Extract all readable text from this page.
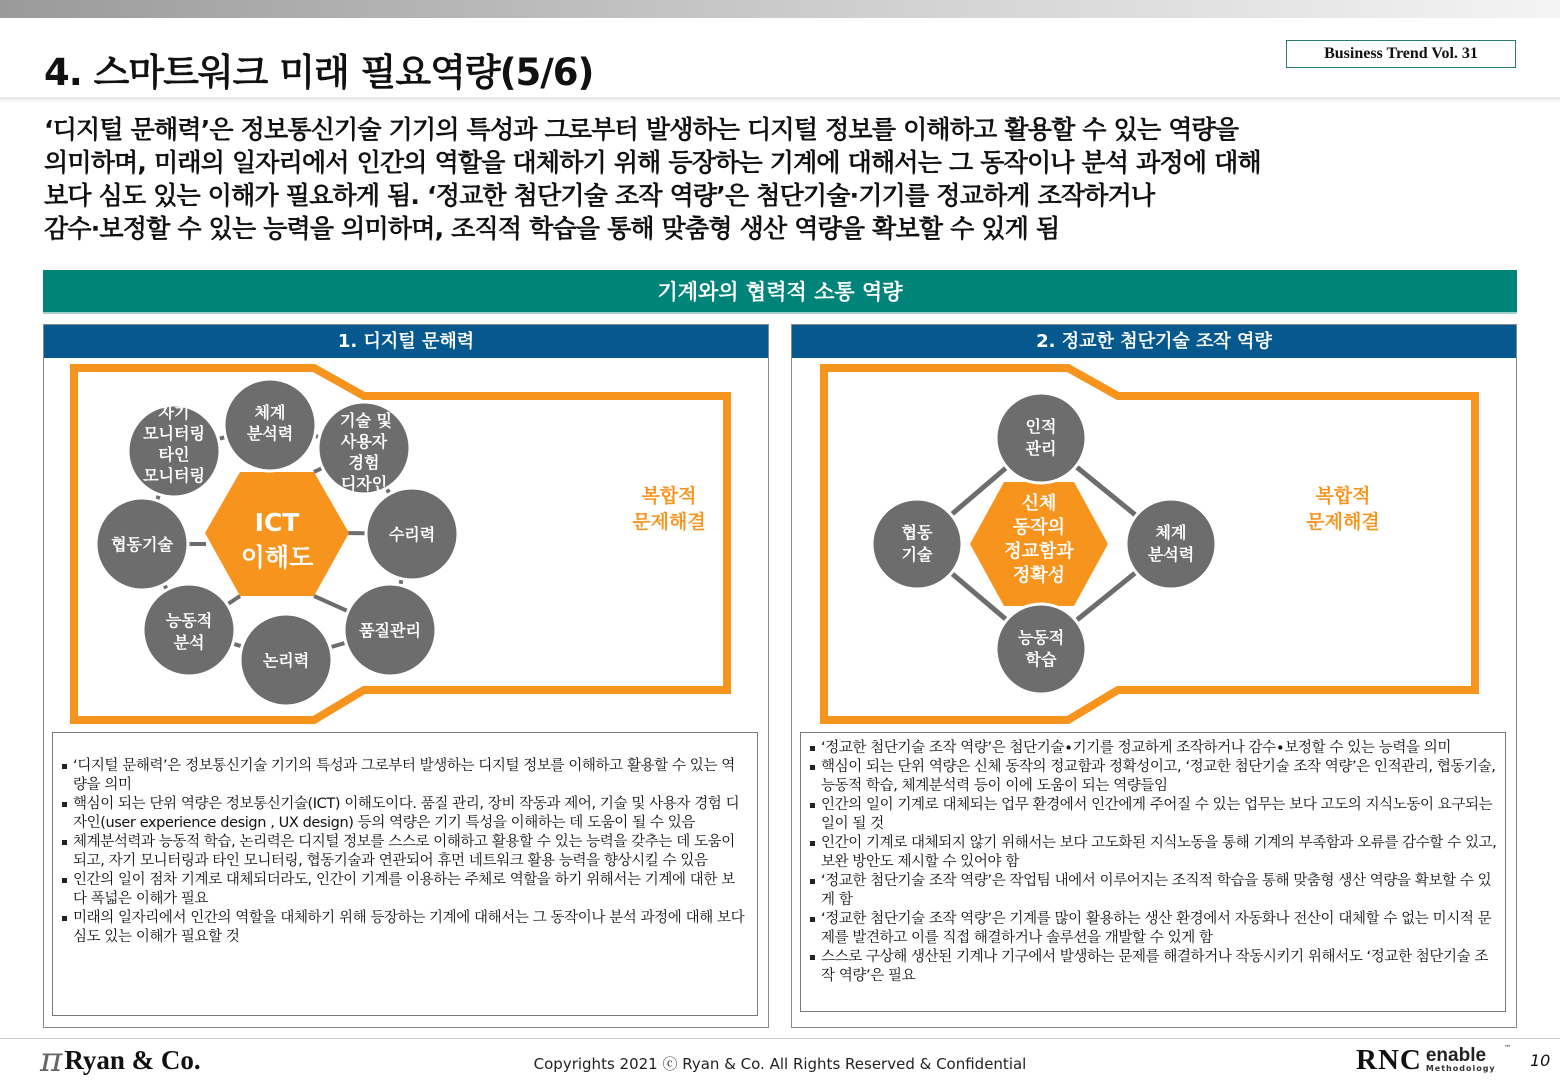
4. 스마트워크 미래 필요역량(5/6)	Business Trend Vol. 31
‘디지털 문해력’은 정보통신기술 기기의 특성과 그로부터 발생하는 디지털 정보를 이해하고 활용할 수 있는 역량을
의미하며, 미래의 일자리에서 인간의 역할을 대체하기 위해 등장하는 기계에 대해서는 그 동작이나 분석 과정에 대해
보다 심도 있는 이해가 필요하게 됨. ‘정교한 첨단기술 조작 역량’은 첨단기술∙기기를 정교하게 조작하거나
감수∙보정할 수 있는 능력을 의미하며, 조직적 학습을 통해 맞춤형 생산 역량을 확보할 수 있게 됨
기계와의 협력적 소통 역량
1. 디지털 문해력
ICT
이해도
자기
모니터링
타인
모니터링
체계
분석력
기술 및
사용자
경험
디자인
협동기술
수리력
능동적
분석
품질관리
논리력
복합적
문제해결
‘디지털 문해력’은 정보통신기술 기기의 특성과 그로부터 발생하는 디지털 정보를 이해하고 활용할 수 있는 역량을 의미
핵심이 되는 단위 역량은 정보통신기술(ICT) 이해도이다. 품질 관리, 장비 작동과 제어, 기술 및 사용자 경험 디자인(user experience design , UX design) 등의 역량은 기기 특성을 이해하는 데 도움이 될 수 있음
체계분석력과 능동적 학습, 논리력은 디지털 정보를 스스로 이해하고 활용할 수 있는 능력을 갖추는 데 도움이 되고, 자기 모니터링과 타인 모니터링, 협동기술과 연관되어 휴먼 네트워크 활용 능력을 향상시킬 수 있음
인간의 일이 점차 기계로 대체되더라도, 인간이 기계를 이용하는 주체로 역할을 하기 위해서는 기계에 대한 보다 폭넓은 이해가 필요
미래의 일자리에서 인간의 역할을 대체하기 위해 등장하는 기계에 대해서는 그 동작이나 분석 과정에 대해 보다 심도 있는 이해가 필요할 것
2. 정교한 첨단기술 조작 역량
신체
동작의
정교함과
정확성
인적
관리
협동
기술
체계
분석력
능동적
학습
복합적
문제해결
‘정교한 첨단기술 조작 역량’은 첨단기술∙기기를 정교하게 조작하거나 감수∙보정할 수 있는 능력을 의미
핵심이 되는 단위 역량은 신체 동작의 정교함과 정확성이고, ‘정교한 첨단기술 조작 역량’은 인적관리, 협동기술, 능동적 학습, 체계분석력 등이 이에 도움이 되는 역량들임
인간의 일이 기계로 대체되는 업무 환경에서 인간에게 주어질 수 있는 업무는 보다 고도의 지식노동이 요구되는 일이 될 것
인간이 기계로 대체되지 않기 위해서는 보다 고도화된 지식노동을 통해 기계의 부족함과 오류를 감수할 수 있고, 보완 방안도 제시할 수 있어야 함
‘정교한 첨단기술 조작 역량’은 작업팀 내에서 이루어지는 조직적 학습을 통해 맞춤형 생산 역량을 확보할 수 있게 함
‘정교한 첨단기술 조작 역량’은 기계를 많이 활용하는 생산 환경에서 자동화나 전산이 대체할 수 없는 미시적 문제를 발견하고 이를 직접 해결하거나 솔루션을 개발할 수 있게 함
스스로 구상해 생산된 기계나 기구에서 발생하는 문제를 해결하거나 작동시키기 위해서도 ‘정교한 첨단기술 조작 역량’은 필요
π Ryan & Co.	Copyrights 2021 ⓒ Ryan & Co. All Rights Reserved & Confidential	RNC enable
Methodology
™
10
